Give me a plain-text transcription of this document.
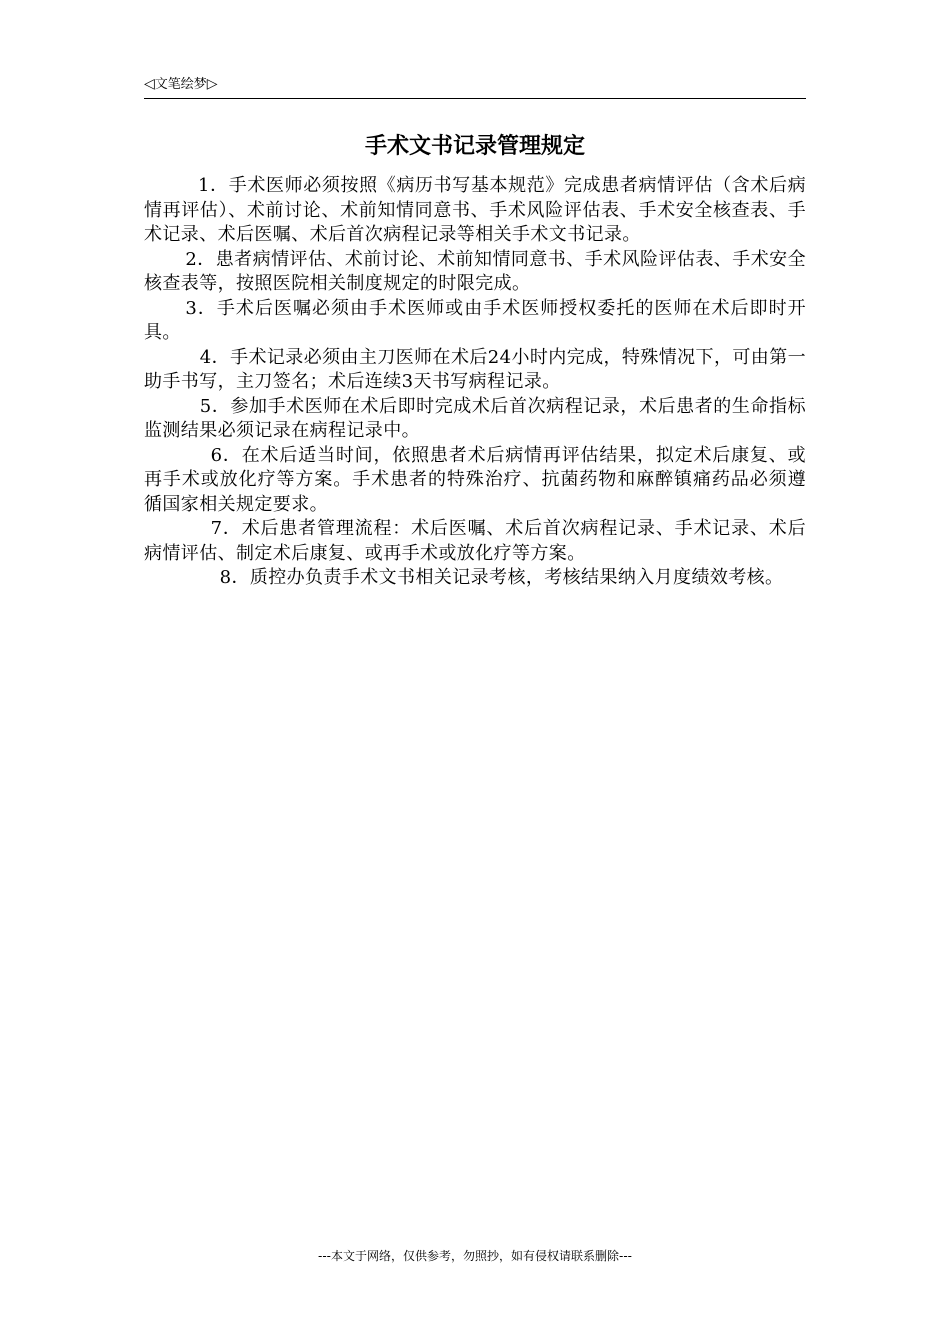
◁文笔绘梦▷
手术文书记录管理规定

1．手术医师必须按照《病历书写基本规范》完成患者病情评估（含术后病情再评估）、术前讨论、术前知情同意书、手术风险评估表、手术安全核查表、手术记录、术后医嘱、术后首次病程记录等相关手术文书记录。

2．患者病情评估、术前讨论、术前知情同意书、手术风险评估表、手术安全核查表等，按照医院相关制度规定的时限完成。

3．手术后医嘱必须由手术医师或由手术医师授权委托的医师在术后即时开具。

4．手术记录必须由主刀医师在术后24小时内完成，特殊情况下，可由第一助手书写，主刀签名；术后连续3天书写病程记录。

5．参加手术医师在术后即时完成术后首次病程记录，术后患者的生命指标监测结果必须记录在病程记录中。

6．在术后适当时间，依照患者术后病情再评估结果，拟定术后康复、或再手术或放化疗等方案。手术患者的特殊治疗、抗菌药物和麻醉镇痛药品必须遵循国家相关规定要求。

7．术后患者管理流程：术后医嘱、术后首次病程记录、手术记录、术后病情评估、制定术后康复、或再手术或放化疗等方案。

8．质控办负责手术文书相关记录考核，考核结果纳入月度绩效考核。

---本文于网络，仅供参考，勿照抄，如有侵权请联系删除---
